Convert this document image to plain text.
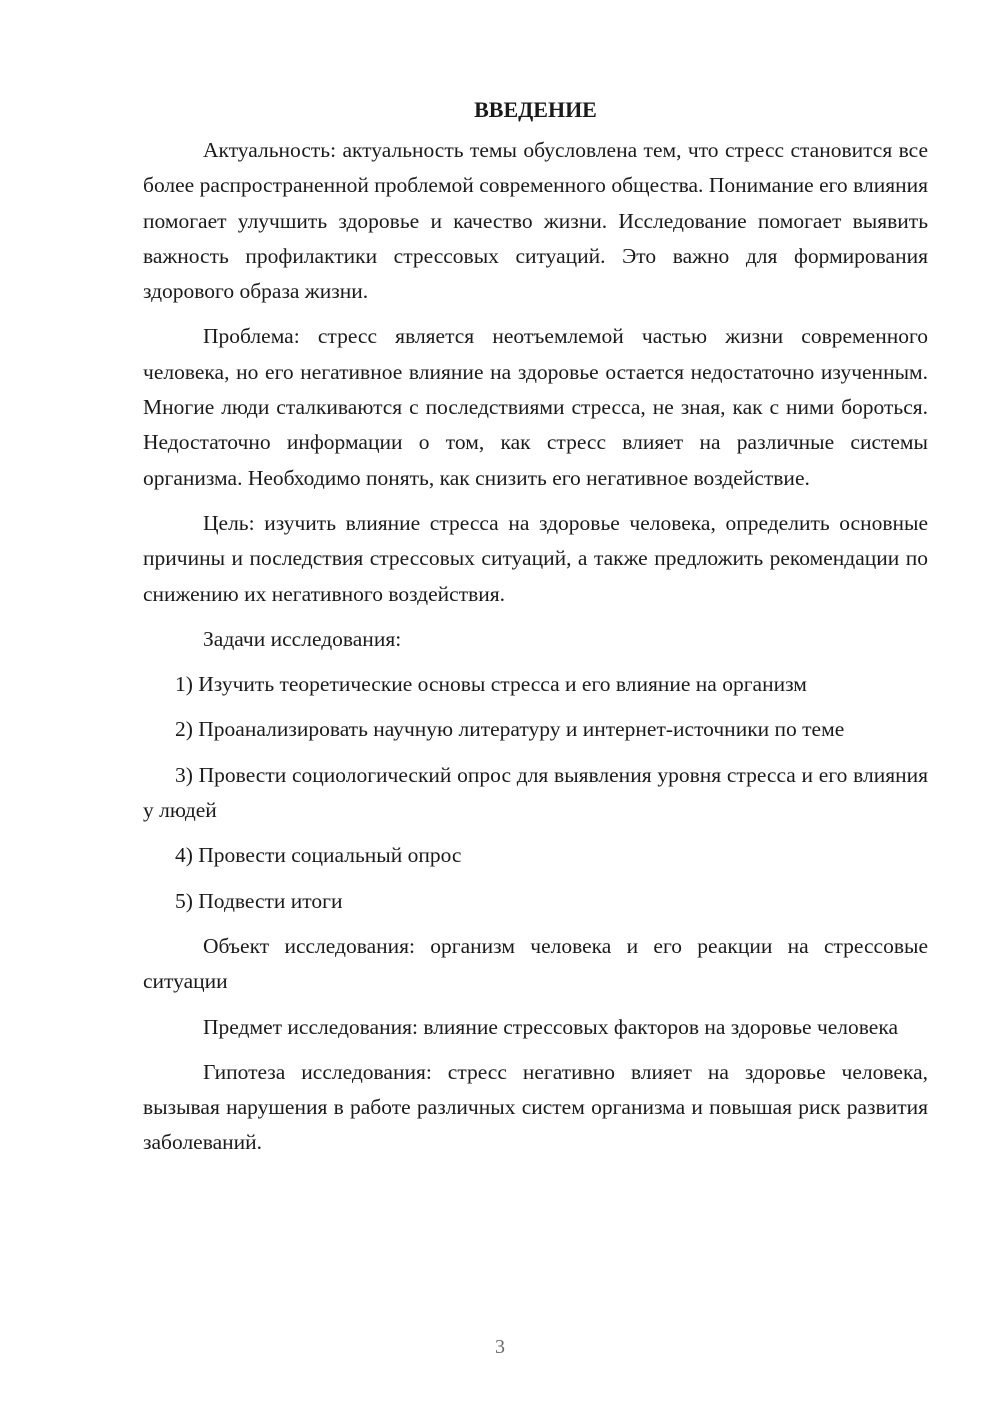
ВВЕДЕНИЕ

Актуальность: актуальность темы обусловлена тем, что стресс становится все более распространенной проблемой современного общества. Понимание его влияния помогает улучшить здоровье и качество жизни. Исследование помогает выявить важность профилактики стрессовых ситуаций. Это важно для формирования здорового образа жизни.

Проблема: стресс является неотъемлемой частью жизни современного человека, но его негативное влияние на здоровье остается недостаточно изученным. Многие люди сталкиваются с последствиями стресса, не зная, как с ними бороться. Недостаточно информации о том, как стресс влияет на различные системы организма. Необходимо понять, как снизить его негативное воздействие.

Цель: изучить влияние стресса на здоровье человека, определить основные причины и последствия стрессовых ситуаций, а также предложить рекомендации по снижению их негативного воздействия.

Задачи исследования:

1) Изучить теоретические основы стресса и его влияние на организм

2) Проанализировать научную литературу и интернет-источники по теме

3) Провести социологический опрос для выявления уровня стресса и его влияния у людей

4) Провести социальный опрос

5) Подвести итоги

Объект исследования: организм человека и его реакции на стрессовые ситуации

Предмет исследования: влияние стрессовых факторов на здоровье человека

Гипотеза исследования: стресс негативно влияет на здоровье человека, вызывая нарушения в работе различных систем организма и повышая риск развития заболеваний.

3
